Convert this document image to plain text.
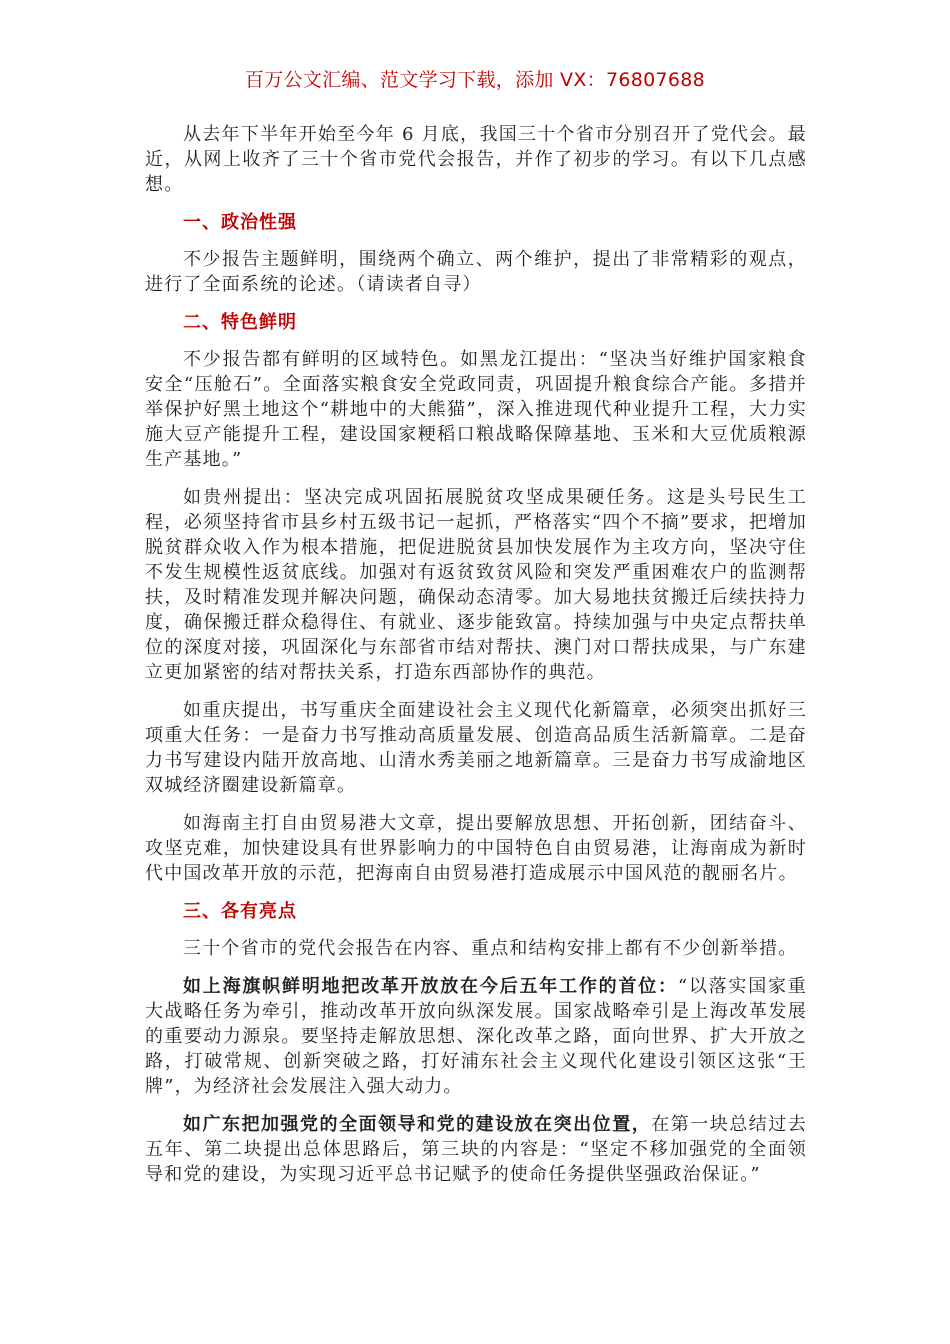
百万公文汇编、范文学习下载，添加 VX：76807688

从去年下半年开始至今年 6 月底，我国三十个省市分别召开了党代会。最近，从网上收齐了三十个省市党代会报告，并作了初步的学习。有以下几点感想。

一、政治性强

不少报告主题鲜明，围绕两个确立、两个维护，提出了非常精彩的观点，进行了全面系统的论述。（请读者自寻）

二、特色鲜明

不少报告都有鲜明的区域特色。如黑龙江提出：“坚决当好维护国家粮食安全“压舱石”。全面落实粮食安全党政同责，巩固提升粮食综合产能。多措并举保护好黑土地这个“耕地中的大熊猫”，深入推进现代种业提升工程，大力实施大豆产能提升工程，建设国家粳稻口粮战略保障基地、玉米和大豆优质粮源生产基地。”

如贵州提出：坚决完成巩固拓展脱贫攻坚成果硬任务。这是头号民生工程，必须坚持省市县乡村五级书记一起抓，严格落实“四个不摘”要求，把增加脱贫群众收入作为根本措施，把促进脱贫县加快发展作为主攻方向，坚决守住不发生规模性返贫底线。加强对有返贫致贫风险和突发严重困难农户的监测帮扶，及时精准发现并解决问题，确保动态清零。加大易地扶贫搬迁后续扶持力度，确保搬迁群众稳得住、有就业、逐步能致富。持续加强与中央定点帮扶单位的深度对接，巩固深化与东部省市结对帮扶、澳门对口帮扶成果，与广东建立更加紧密的结对帮扶关系，打造东西部协作的典范。

如重庆提出，书写重庆全面建设社会主义现代化新篇章，必须突出抓好三项重大任务：一是奋力书写推动高质量发展、创造高品质生活新篇章。二是奋力书写建设内陆开放高地、山清水秀美丽之地新篇章。三是奋力书写成渝地区双城经济圈建设新篇章。

如海南主打自由贸易港大文章，提出要解放思想、开拓创新，团结奋斗、攻坚克难，加快建设具有世界影响力的中国特色自由贸易港，让海南成为新时代中国改革开放的示范，把海南自由贸易港打造成展示中国风范的靓丽名片。

三、各有亮点

三十个省市的党代会报告在内容、重点和结构安排上都有不少创新举措。

如上海旗帜鲜明地把改革开放放在今后五年工作的首位：“以落实国家重大战略任务为牵引，推动改革开放向纵深发展。国家战略牵引是上海改革发展的重要动力源泉。要坚持走解放思想、深化改革之路，面向世界、扩大开放之路，打破常规、创新突破之路，打好浦东社会主义现代化建设引领区这张“王牌”，为经济社会发展注入强大动力。

如广东把加强党的全面领导和党的建设放在突出位置，在第一块总结过去五年、第二块提出总体思路后，第三块的内容是：“坚定不移加强党的全面领导和党的建设，为实现习近平总书记赋予的使命任务提供坚强政治保证。”
